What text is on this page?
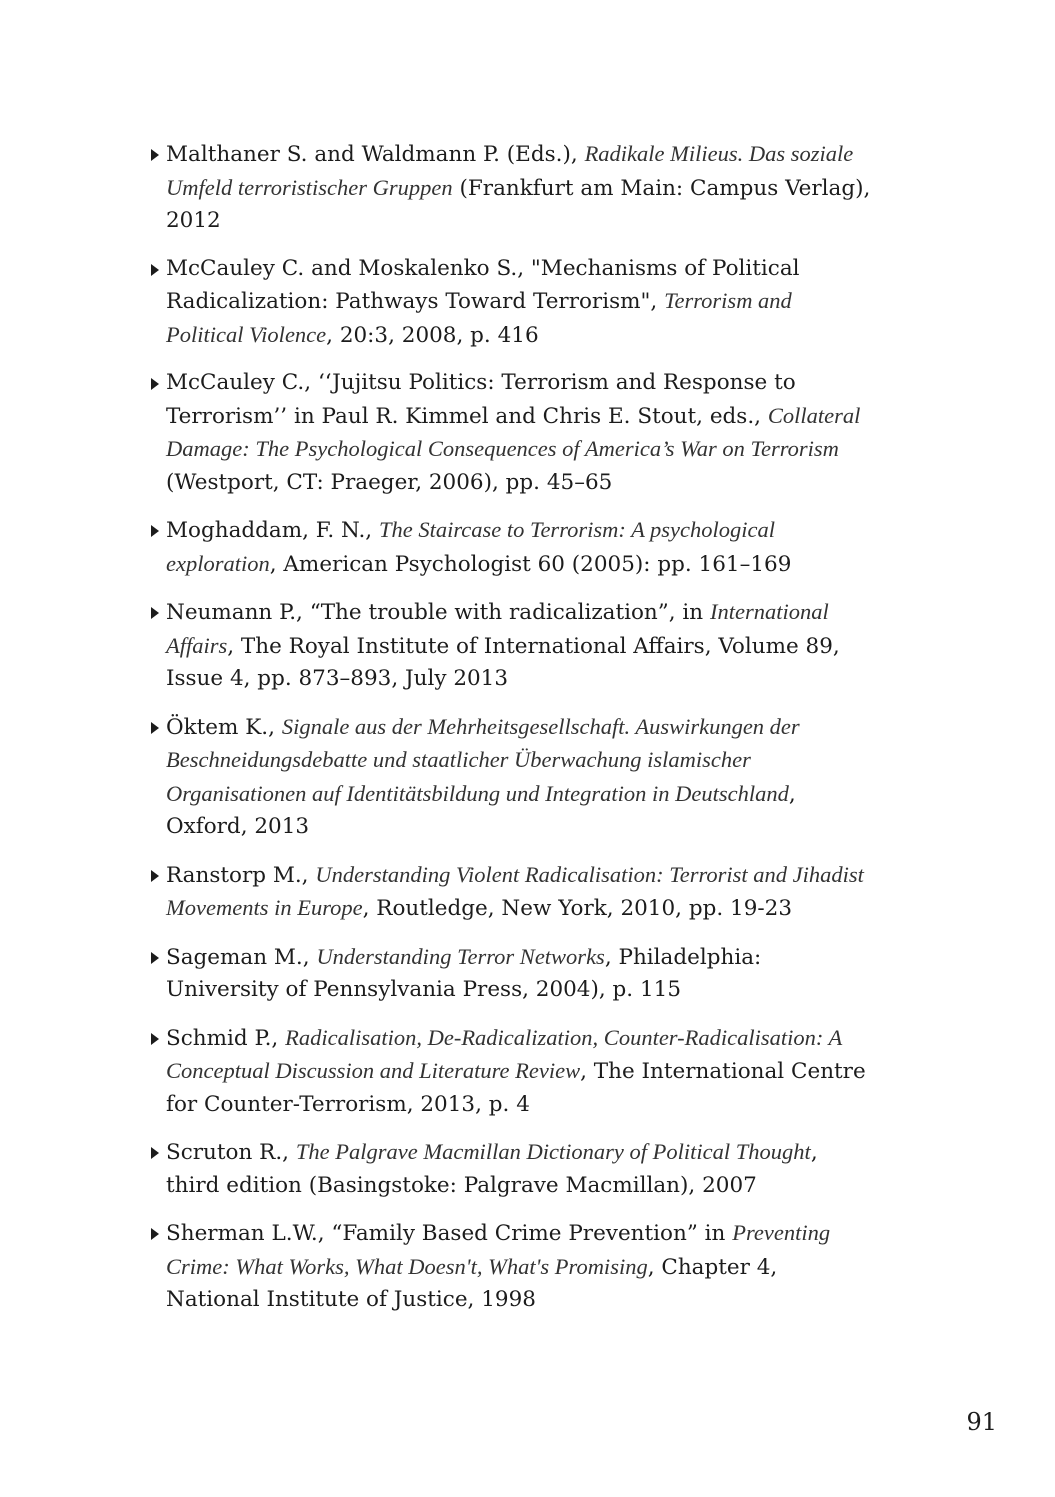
Malthaner S. and Waldmann P. (Eds.), Radikale Milieus. Das soziale Umfeld terroristischer Gruppen (Frankfurt am Main: Campus Verlag), 2012
McCauley C. and Moskalenko S., "Mechanisms of Political Radicalization: Pathways Toward Terrorism", Terrorism and Political Violence, 20:3, 2008, p. 416
McCauley C., ‘‘Jujitsu Politics: Terrorism and Response to Terrorism’’ in Paul R. Kimmel and Chris E. Stout, eds., Collateral Damage: The Psychological Consequences of America’s War on Terrorism (Westport, CT: Praeger, 2006), pp. 45–65
Moghaddam, F. N., The Staircase to Terrorism: A psychological exploration, American Psychologist 60 (2005): pp. 161–169
Neumann P., “The trouble with radicalization”, in International Affairs, The Royal Institute of International Affairs, Volume 89, Issue 4, pp. 873–893, July 2013
Öktem K., Signale aus der Mehrheitsgesellschaft. Auswirkungen der Beschneidungsdebatte und staatlicher Überwachung islamischer Organisationen auf Identitätsbildung und Integration in Deutschland, Oxford, 2013
Ranstorp M., Understanding Violent Radicalisation: Terrorist and Jihadist Movements in Europe, Routledge, New York, 2010, pp. 19-23
Sageman M., Understanding Terror Networks, Philadelphia: University of Pennsylvania Press, 2004), p. 115
Schmid P., Radicalisation, De-Radicalization, Counter-Radicalisation: A Conceptual Discussion and Literature Review, The International Centre for Counter-Terrorism, 2013, p. 4
Scruton R., The Palgrave Macmillan Dictionary of Political Thought, third edition (Basingstoke: Palgrave Macmillan), 2007
Sherman L.W., “Family Based Crime Prevention” in Preventing Crime: What Works, What Doesn't, What's Promising, Chapter 4, National Institute of Justice, 1998
91
